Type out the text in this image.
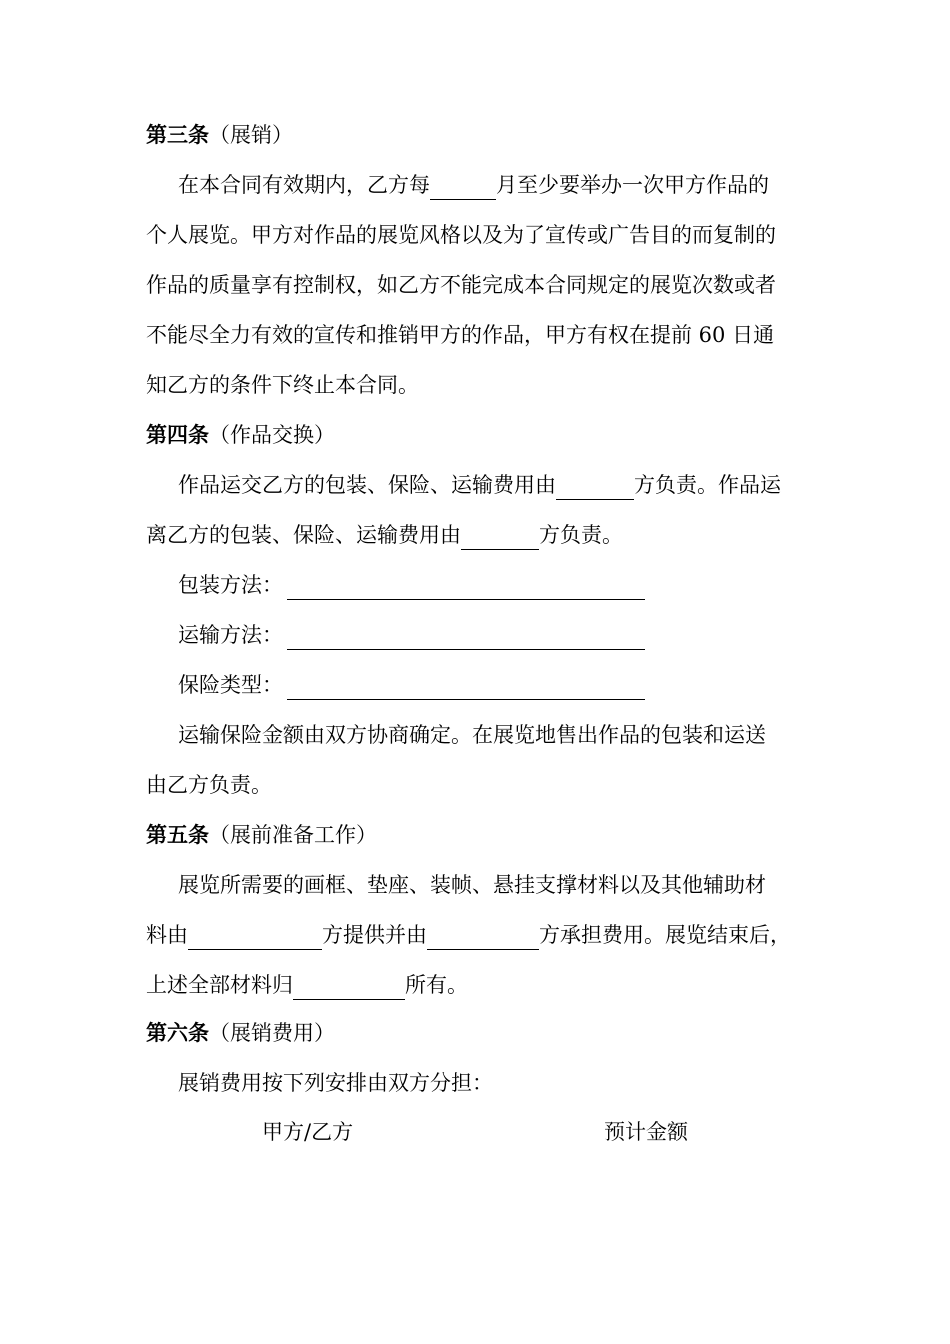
第三条（展销）
在本合同有效期内，乙方每	月至少要举办一次甲方作品的
个人展览。甲方对作品的展览风格以及为了宣传或广告目的而复制的
作品的质量享有控制权，如乙方不能完成本合同规定的展览次数或者
不能尽全力有效的宣传和推销甲方的作品，甲方有权在提前 60 日通
知乙方的条件下终止本合同。
第四条（作品交换）
作品运交乙方的包装、保险、运输费用由	方负责。作品运
离乙方的包装、保险、运输费用由	方负责。
包装方法：
运输方法：
保险类型：
运输保险金额由双方协商确定。在展览地售出作品的包装和运送
由乙方负责。
第五条（展前准备工作）
展览所需要的画框、垫座、装帧、悬挂支撑材料以及其他辅助材
料由	方提供并由	方承担费用。展览结束后，
上述全部材料归	所有。
第六条（展销费用）
展销费用按下列安排由双方分担：
甲方/乙方	预计金额
